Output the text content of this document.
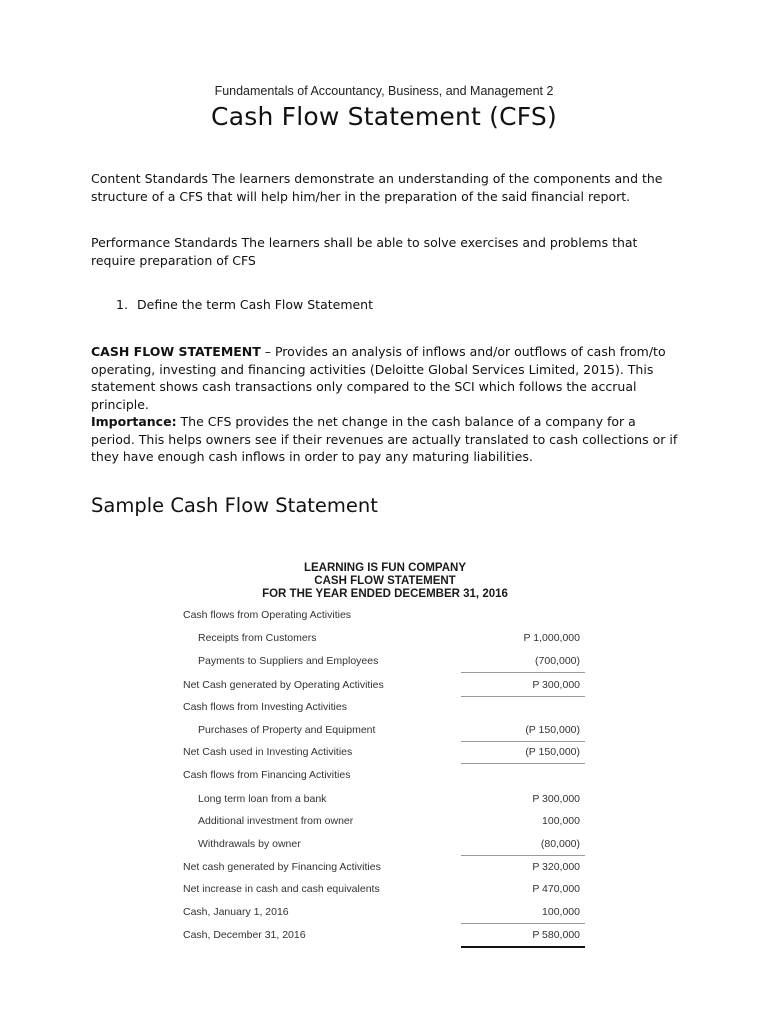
Fundamentals of Accountancy, Business, and Management 2
Cash Flow Statement (CFS)

Content Standards The learners demonstrate an understanding of the components and the structure of a CFS that will help him/her in the preparation of the said financial report.

Performance Standards The learners shall be able to solve exercises and problems that require preparation of CFS

1. Define the term Cash Flow Statement

CASH FLOW STATEMENT – Provides an analysis of inflows and/or outflows of cash from/to operating, investing and financing activities (Deloitte Global Services Limited, 2015). This statement shows cash transactions only compared to the SCI which follows the accrual principle.
Importance: The CFS provides the net change in the cash balance of a company for a period. This helps owners see if their revenues are actually translated to cash collections or if they have enough cash inflows in order to pay any maturing liabilities.

Sample Cash Flow Statement
LEARNING IS FUN COMPANY
CASH FLOW STATEMENT
FOR THE YEAR ENDED DECEMBER 31, 2016
Cash flows from Operating Activities
Receipts from Customers	P 1,000,000
Payments to Suppliers and Employees	(700,000)
Net Cash generated by Operating Activities	P 300,000
Cash flows from Investing Activities
Purchases of Property and Equipment	(P 150,000)
Net Cash used in Investing Activities	(P 150,000)
Cash flows from Financing Activities
Long term loan from a bank	P 300,000
Additional investment from owner	100,000
Withdrawals by owner	(80,000)
Net cash generated by Financing Activities	P 320,000
Net increase in cash and cash equivalents	P 470,000
Cash, January 1, 2016	100,000
Cash, December 31, 2016	P 580,000
